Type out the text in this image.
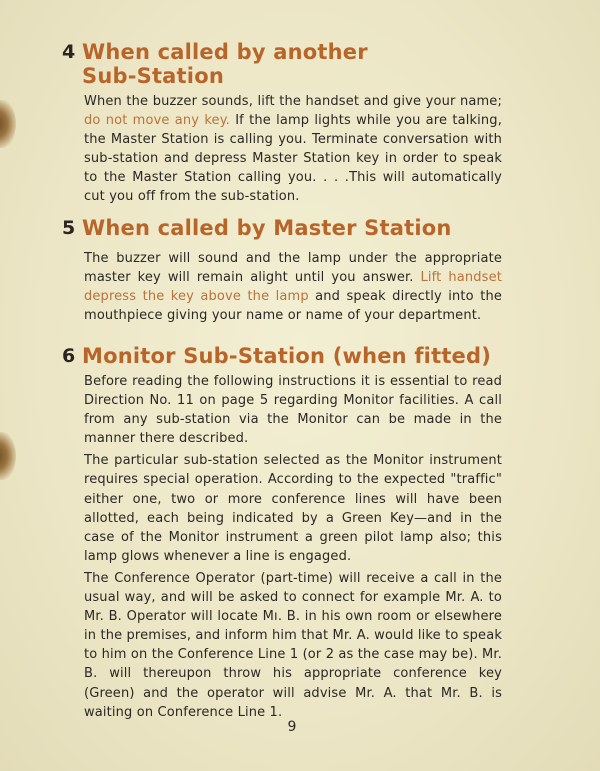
4 When called by another
Sub-Station

When the buzzer sounds, lift the handset and give your name; do not move any key. If the lamp lights while you are talking, the Master Station is calling you. Terminate conversation with sub-station and depress Master Station key in order to speak to the Master Station calling you. . . .This will automatically cut you off from the sub-station.

5 When called by Master Station

The buzzer will sound and the lamp under the appropriate master key will remain alight until you answer. Lift handset depress the key above the lamp and speak directly into the mouthpiece giving your name or name of your department.

6 Monitor Sub-Station (when fitted)

Before reading the following instructions it is essential to read Direction No. 11 on page 5 regarding Monitor facilities. A call from any sub-station via the Monitor can be made in the manner there described.

The particular sub-station selected as the Monitor instrument requires special operation. According to the expected "traffic" either one, two or more conference lines will have been allotted, each being indicated by a Green Key—and in the case of the Monitor instrument a green pilot lamp also; this lamp glows whenever a line is engaged.

The Conference Operator (part-time) will receive a call in the usual way, and will be asked to connect for example Mr. A. to Mr. B. Operator will locate Mı. B. in his own room or elsewhere in the premises, and inform him that Mr. A. would like to speak to him on the Conference Line 1 (or 2 as the case may be). Mr. B. will thereupon throw his appropriate conference key (Green) and the operator will advise Mr. A. that Mr. B. is waiting on Conference Line 1.

9
